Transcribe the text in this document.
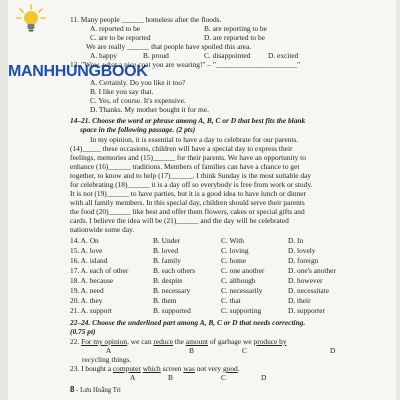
MANHHUNGBOOK
11. Many people ______ homeless after the floods.
A. reported to be	B. are reporting to be
C. are to be reported	D. are reported to be
We are really ______ that people have spoiled this area.
A. happy	B. proud	C. disappointed D. excited
13. "Wow, what a nice coat you are wearing!" – "______________________"
A. Certainly. Do you like it too?
B. I like you say that.
C. Yes, of course. It's expensive.
D. Thanks. My mother bought it for me.
14–21. Choose the word or phrase among A, B, C or D that best fits the blank
space in the following passage. (2 pts)
In my opinion, it is essential to have a day to celebrate for our parents.
(14)_____ these occasions, children will have a special day to express their
feelings, memories and (15)______ for their parents. We have an opportunity to
enhance (16)______ traditions. Members of families can have a chance to get
together, to know and to help (17)______. I think Sunday is the most suitable day
for celebrating (18)______ it is a day off so everybody is free from work or study.
It is not (19)______ to have parties, but it is a good idea to have lunch or dinner
with all family members. In this special day, children should serve their parents
the food (20)______ like best and offer them flowers, cakes or special gifts and
cards. I believe the idea will be (21)______ and the day will be celebrated
nationwide some day.
14. A. On	B. Under	C. With	D. In
15. A. love	B. loved	C. loving	D. lovely
16. A. island	B. family	C. home	D. foreign
17. A. each of other	B. each others	C. one another	D. one's another
18. A. because	B. despite	C. although	D. however
19. A. need	B. necessary	C. necessarily	D. necessitate
20. A. they	B. them	C. that	D. their
21. A. support	B. supported	C. supporting	D. supporter
22–24. Choose the underlined part among A, B, C or D that needs correcting.
(0.75 pt)
22. For my opinion, we can reduce the amount of garbage we produce by
A	B	C	D
recycling things.
23. I bought a computer which screen was not very good.
A	B	C	D
8 - Lưu Hoằng Trí
